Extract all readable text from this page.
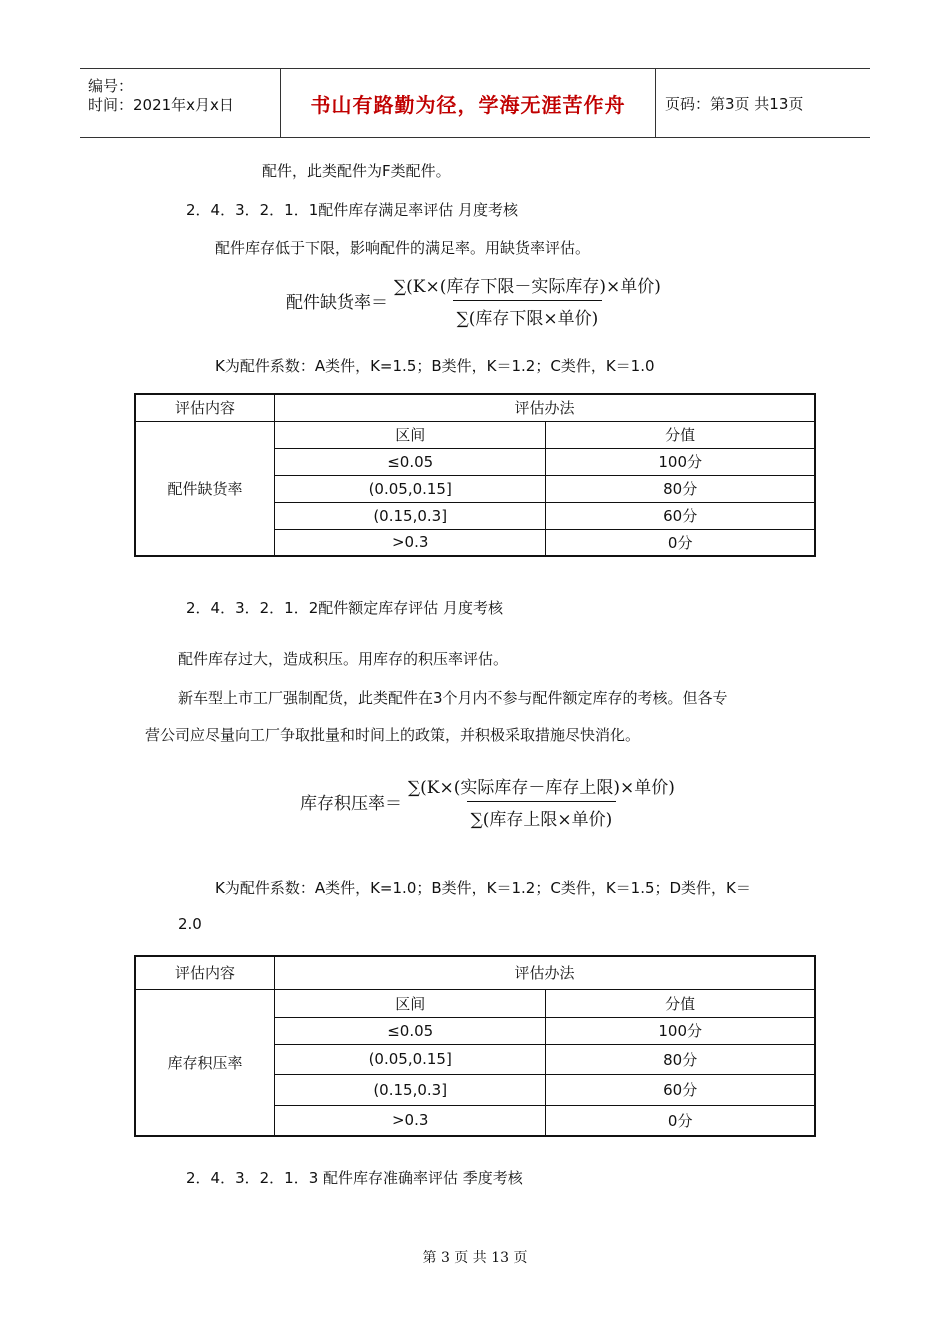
编号：
时间：2021年x月x日	书山有路勤为径，学海无涯苦作舟	页码：第3页 共13页

配件，此类配件为F类配件。

2．4．3．2．1．1配件库存满足率评估 月度考核

配件库存低于下限，影响配件的满足率。用缺货率评估。

配件缺货率＝ $\frac{\text{∑(K×(库存下限－实际库存)×单价)}}{\text{∑(库存下限×单价)}}$

K为配件系数：A类件，K=1.5；B类件，K＝1.2；C类件，K＝1.0

评估内容	评估办法	
配件缺货率	区间	分值
	≤0.05	100分
	(0.05,0.15]	80分
	(0.15,0.3]	60分
	>0.3	0分

2．4．3．2．1．2配件额定库存评估 月度考核

配件库存过大，造成积压。用库存的积压率评估。

新车型上市工厂强制配货，此类配件在3个月内不参与配件额定库存的考核。但各专

营公司应尽量向工厂争取批量和时间上的政策，并积极采取措施尽快消化。

库存积压率＝ $\frac{\text{∑(K×(实际库存－库存上限)×单价)}}{\text{∑(库存上限×单价)}}$

K为配件系数：A类件，K=1.0；B类件，K＝1.2；C类件，K＝1.5；D类件，K＝

2.0

评估内容	评估办法	
库存积压率	区间	分值
	≤0.05	100分
	(0.05,0.15]	80分
	(0.15,0.3]	60分
	>0.3	0分

2．4．3．2．1．3 配件库存准确率评估 季度考核

第 3 页 共 13 页
